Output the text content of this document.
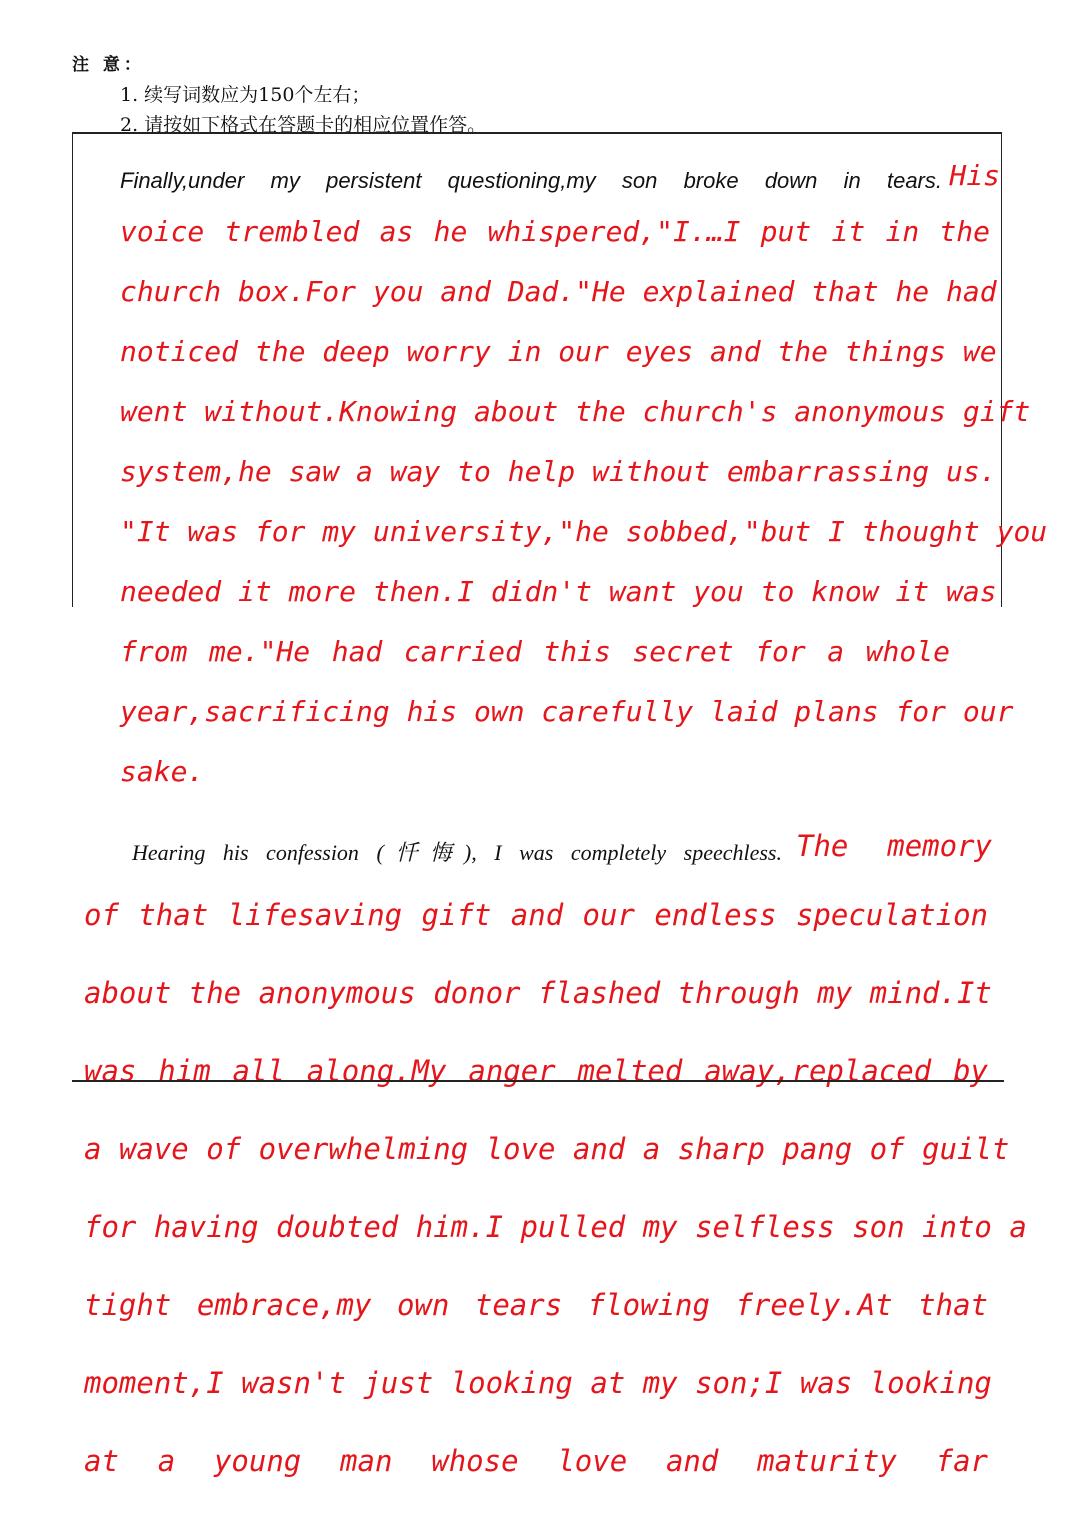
注 意：

1. 续写词数应为150个左右；

2. 请按如下格式在答题卡的相应位置作答。

Finally,under my persistent questioning,my son broke down in tears. His

voice trembled as he whispered,"I.…I put it in the

church box.For you and Dad."He explained that he had

noticed the deep worry in our eyes and the things we

went without.Knowing about the church's anonymous gift

system,he saw a way to help without embarrassing us.

"It was for my university,"he sobbed,"but I thought you

needed it more then.I didn't want you to know it was

from me."He had carried this secret for a whole

year,sacrificing his own carefully laid plans for our

sake.

Hearing his confession (忏悔), I was completely speechless. The memory

of that lifesaving gift and our endless speculation

about the anonymous donor flashed through my mind.It

was him all along.My anger melted away,replaced by

a wave of overwhelming love and a sharp pang of guilt

for having doubted him.I pulled my selfless son into a

tight embrace,my own tears flowing freely.At that

moment,I wasn't just looking at my son;I was looking

at a young man whose love and maturity far
